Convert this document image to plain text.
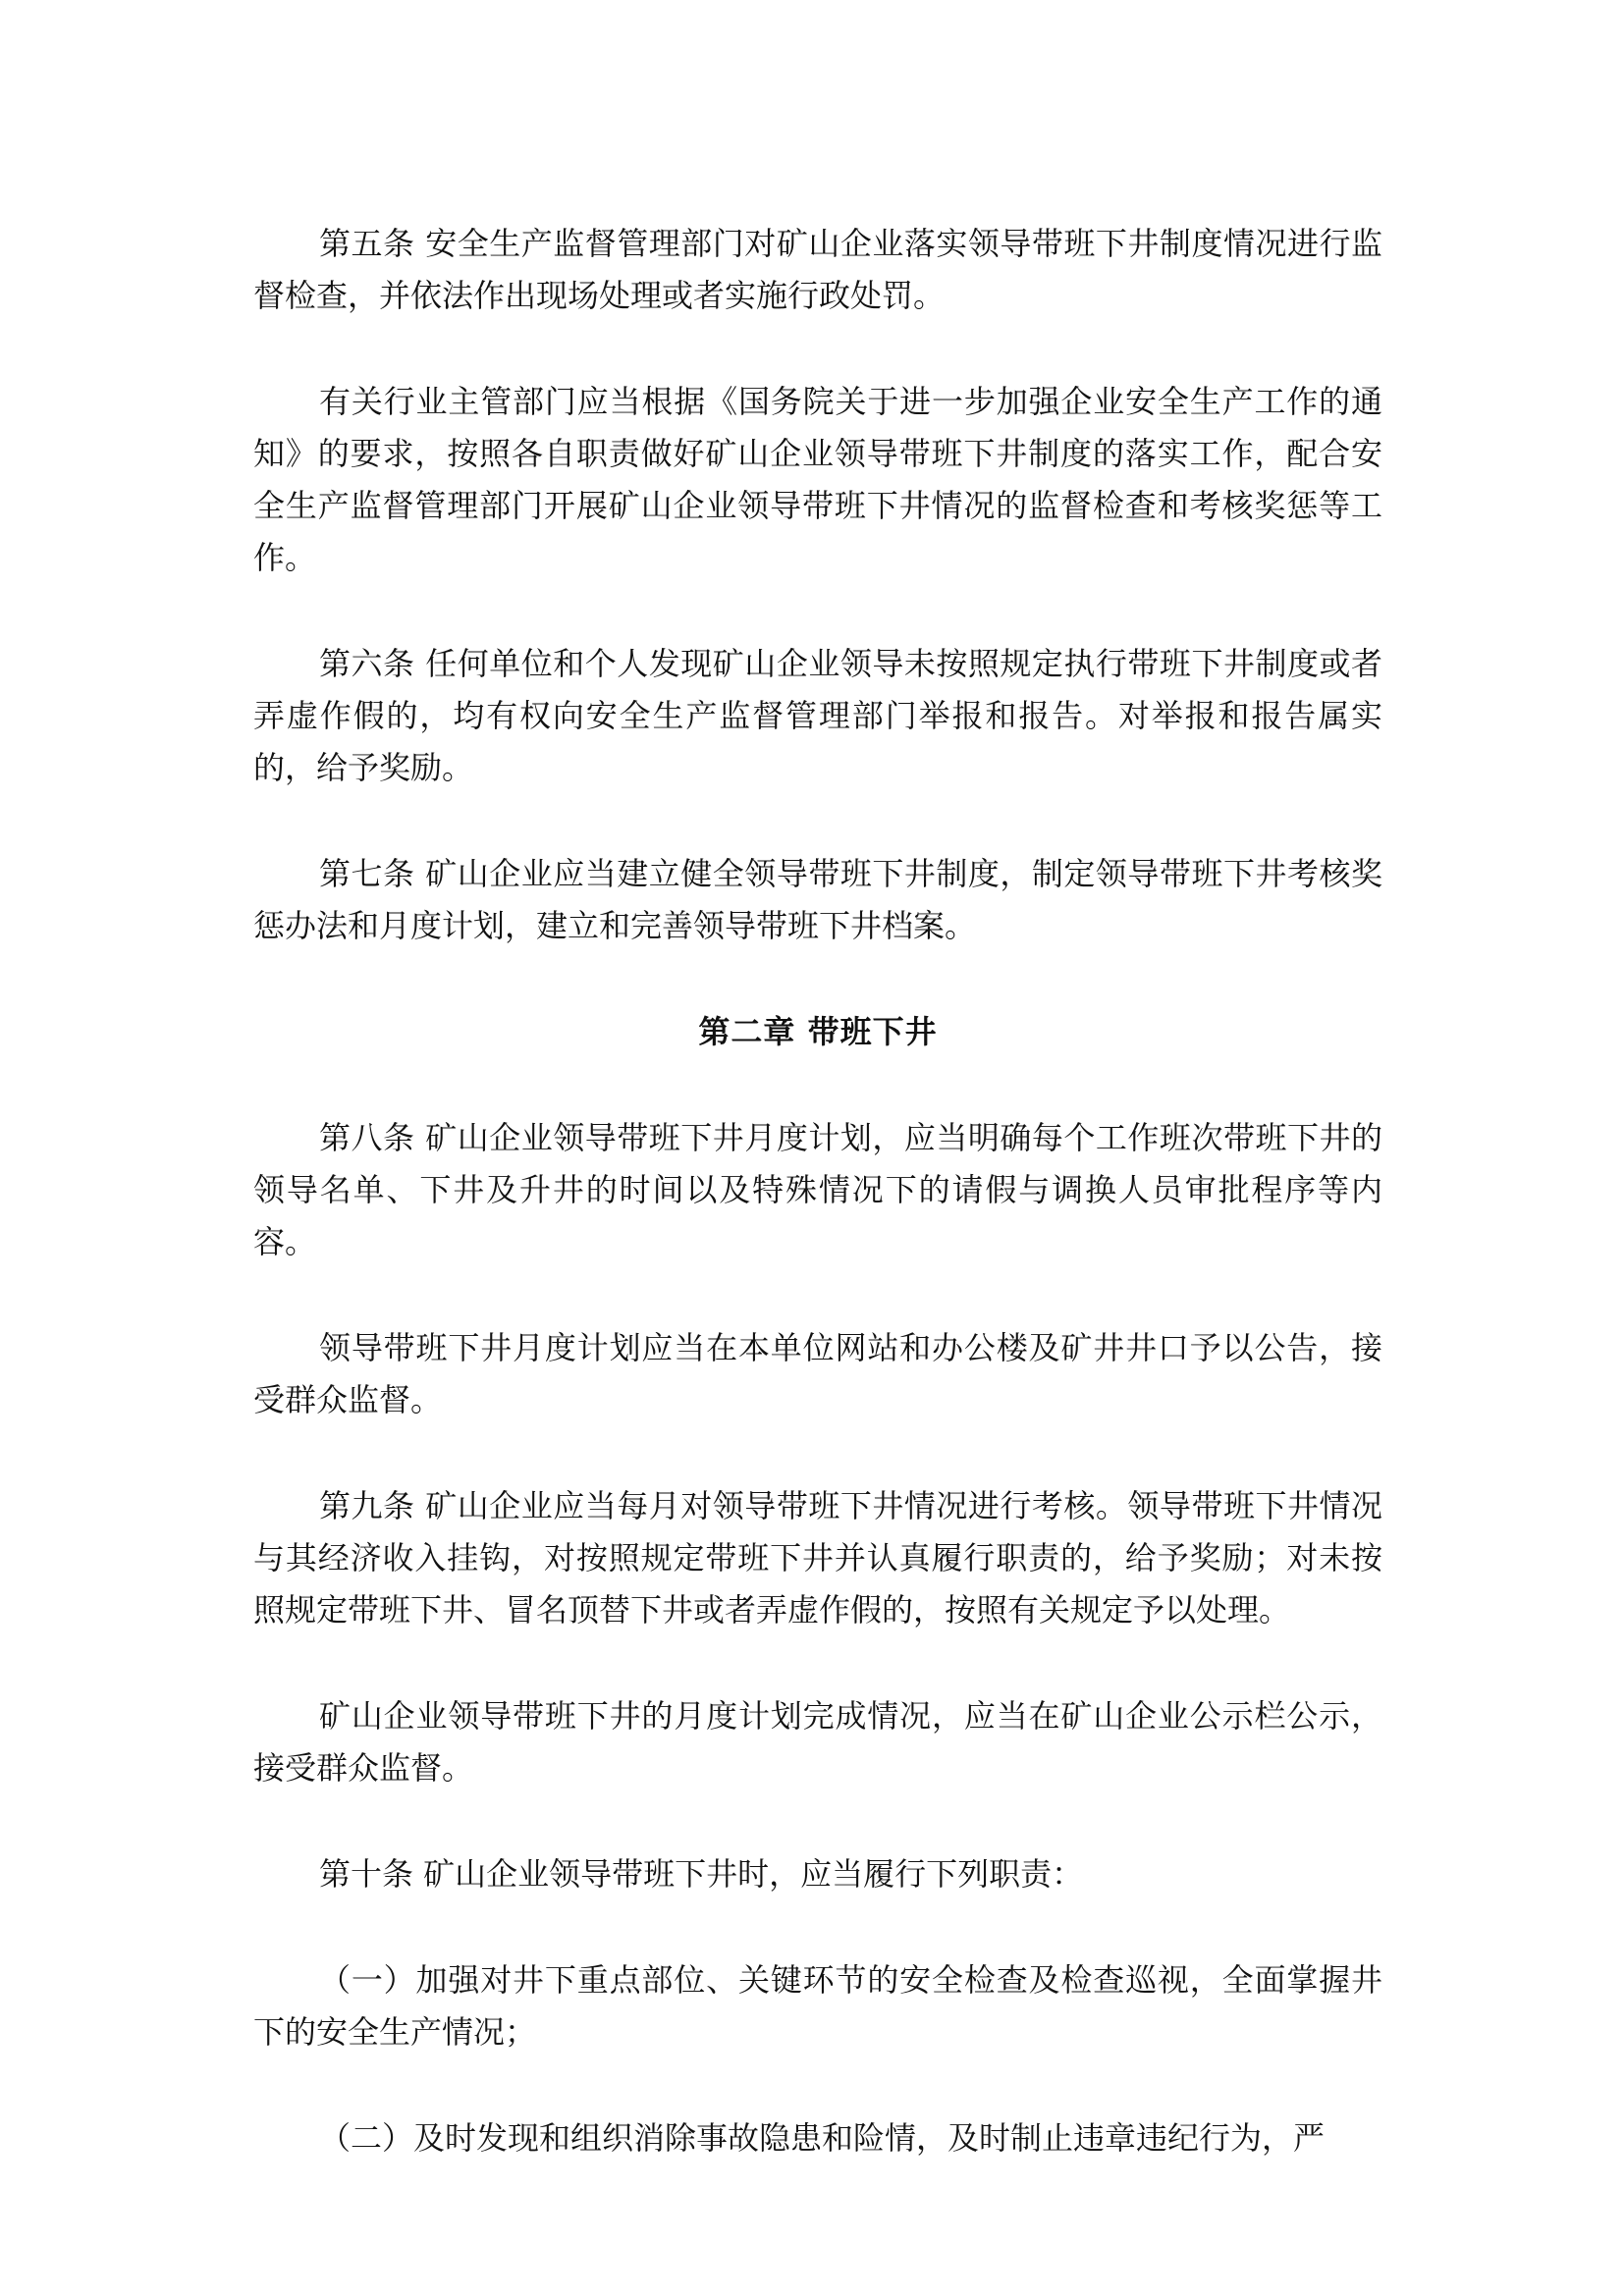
第五条 安全生产监督管理部门对矿山企业落实领导带班下井制度情况进行监督检查，并依法作出现场处理或者实施行政处罚。

有关行业主管部门应当根据《国务院关于进一步加强企业安全生产工作的通知》的要求，按照各自职责做好矿山企业领导带班下井制度的落实工作，配合安全生产监督管理部门开展矿山企业领导带班下井情况的监督检查和考核奖惩等工作。

第六条 任何单位和个人发现矿山企业领导未按照规定执行带班下井制度或者弄虚作假的，均有权向安全生产监督管理部门举报和报告。对举报和报告属实的，给予奖励。

第七条 矿山企业应当建立健全领导带班下井制度，制定领导带班下井考核奖惩办法和月度计划，建立和完善领导带班下井档案。

第二章 带班下井

第八条 矿山企业领导带班下井月度计划，应当明确每个工作班次带班下井的领导名单、下井及升井的时间以及特殊情况下的请假与调换人员审批程序等内容。

领导带班下井月度计划应当在本单位网站和办公楼及矿井井口予以公告，接受群众监督。

第九条 矿山企业应当每月对领导带班下井情况进行考核。领导带班下井情况与其经济收入挂钩，对按照规定带班下井并认真履行职责的，给予奖励；对未按照规定带班下井、冒名顶替下井或者弄虚作假的，按照有关规定予以处理。

矿山企业领导带班下井的月度计划完成情况，应当在矿山企业公示栏公示，接受群众监督。

第十条 矿山企业领导带班下井时，应当履行下列职责：

（一）加强对井下重点部位、关键环节的安全检查及检查巡视，全面掌握井下的安全生产情况；

（二）及时发现和组织消除事故隐患和险情，及时制止违章违纪行为，严
